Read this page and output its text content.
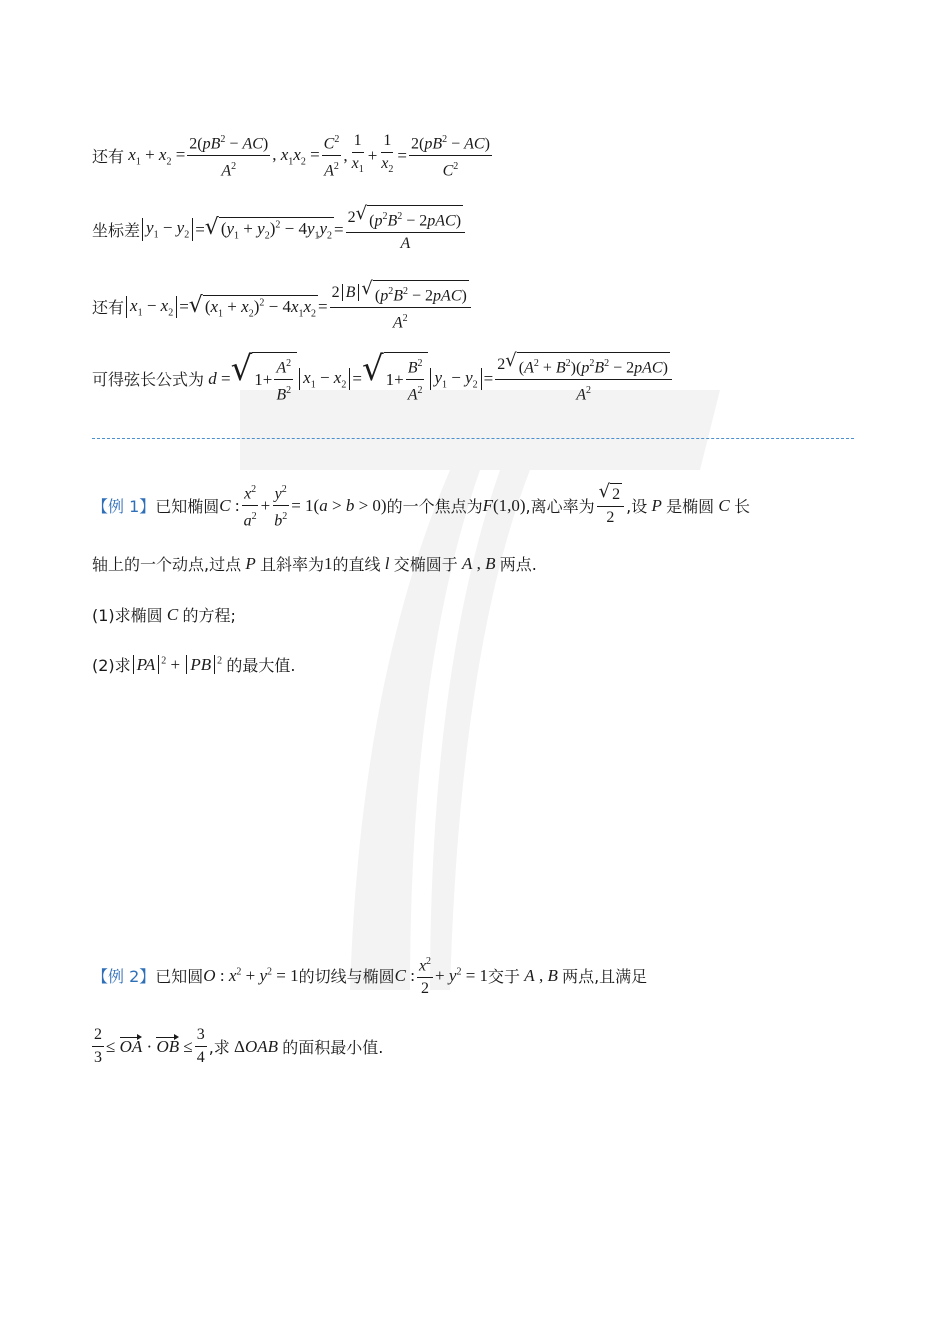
还有 $x_1 + x_2 = \frac{2(pB^2 - AC)}{A^2}$ , $x_1x_2 = \frac{C^2}{A^2}$ , $\frac{1}{x_1} + \frac{1}{x_2} = \frac{2(pB^2 - AC)}{C^2}$
坐标差 $y_1 - y_2$ = √ $(y_1 + y_2)^2 - 4y_1y_2 = \frac{2 √ (p^2B^2 - 2pAC)}{A}$
还有 $x_1 - x_2$ = √ $(x_1 + x_2)^2 - 4x_1x_2 = \frac{2 B √ (p^2B^2 - 2pAC)}{A^2}$
可得弦长公式为 d = √ $1+ \frac{A^2}{B^2} x_1 - x_2$ = √ $1+ \frac{B^2}{A^2} y_1 - y_2 = \frac{2 √ (A^2 + B^2)(p^2B^2 - 2pAC)}{A^2}$
【例 1】 已知椭圆 C : $\frac{x^2}{a^2} + \frac{y^2}{b^2} = 1(a > b > 0)$ 的一个焦点为 F(1,0) ,离心率为 $\frac{√ 2}{2}$ ,设 P 是椭圆 C 长
轴上的一个动点,过点 P 且斜率为 1 的直线 l 交椭圆于 A , B 两点.
(1)求椭圆 C 的方程;
(2)求 PA $^2$ + PB $^2$ 的最大值.
【例 2】 已知圆 O : $x^2 + y^2 = 1$ 的切线与椭圆 C : $\frac{x^2}{2} + y^2 = 1$ 交于 A , B 两点,且满足
$\frac{2}{3}$ ≤ OA · OB ≤ $\frac{3}{4}$ ,求 ΔOAB 的面积最小值.
